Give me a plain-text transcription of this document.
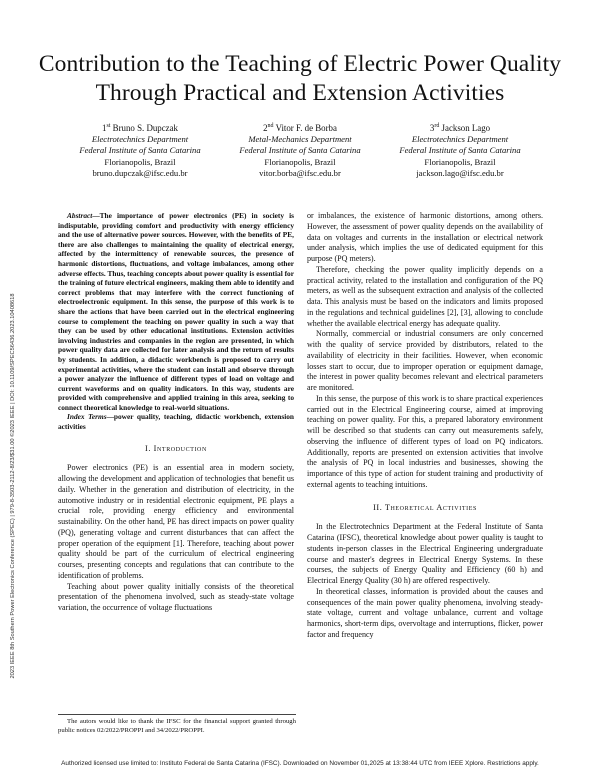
2023 IEEE 8th Southern Power Electronics Conference (SPEC) | 979-8-3503-2112-8/23/$31.00 ©2023 IEEE | DOI: 10.1109/SPEC56436.2023.10408618
Contribution to the Teaching of Electric Power Quality Through Practical and Extension Activities
1st Bruno S. Dupczak
Electrotechnics Department
Federal Institute of Santa Catarina
Florianopolis, Brazil
bruno.dupczak@ifsc.edu.br
2nd Vitor F. de Borba
Metal-Mechanics Department
Federal Institute of Santa Catarina
Florianopolis, Brazil
vitor.borba@ifsc.edu.br
3rd Jackson Lago
Electrotechnics Department
Federal Institute of Santa Catarina
Florianopolis, Brazil
jackson.lago@ifsc.edu.br

Abstract—The importance of power electronics (PE) in society is indisputable, providing comfort and productivity with energy efficiency and the use of alternative power sources. However, with the benefits of PE, there are also challenges to maintaining the quality of electrical energy, affected by the intermittency of renewable sources, the presence of harmonic distortions, fluctuations, and voltage imbalances, among other adverse effects. Thus, teaching concepts about power quality is essential for the training of future electrical engineers, making them able to identify and correct problems that may interfere with the correct functioning of electroelectronic equipment. In this sense, the purpose of this work is to share the actions that have been carried out in the electrical engineering course to complement the teaching on power quality in such a way that they can be used by other educational institutions. Extension activities involving industries and companies in the region are presented, in which power quality data are collected for later analysis and the return of results by students. In addition, a didactic workbench is proposed to carry out experimental activities, where the student can install and observe through a power analyzer the influence of different types of load on voltage and current waveforms and on quality indicators. In this way, students are provided with comprehensive and applied training in this area, seeking to connect theoretical knowledge to real-world situations.

Index Terms—power quality, teaching, didactic workbench, extension activities

I. Introduction

Power electronics (PE) is an essential area in modern society, allowing the development and application of technologies that benefit us daily. Whether in the generation and distribution of electricity, in the automotive industry or in residential electronic equipment, PE plays a crucial role, providing energy efficiency and environmental sustainability. On the other hand, PE has direct impacts on power quality (PQ), generating voltage and current disturbances that can affect the proper operation of the equipment [1]. Therefore, teaching about power quality should be part of the curriculum of electrical engineering courses, presenting concepts and regulations that can contribute to the identification of problems.

Teaching about power quality initially consists of the theoretical presentation of the phenomena involved, such as steady-state voltage variation, the occurrence of voltage fluctuations

The autors would like to thank the IFSC for the financial support granted through public notices 02/2022/PROPPI and 34/2022/PROPPI.

or imbalances, the existence of harmonic distortions, among others. However, the assessment of power quality depends on the availability of data on voltages and currents in the installation or electrical network under analysis, which implies the use of dedicated equipment for this purpose (PQ meters).

Therefore, checking the power quality implicitly depends on a practical activity, related to the installation and configuration of the PQ meters, as well as the subsequent extraction and analysis of the collected data. This analysis must be based on the indicators and limits proposed in the regulations and technical guidelines [2], [3], allowing to conclude whether the available electrical energy has adequate quality.

Normally, commercial or industrial consumers are only concerned with the quality of service provided by distributors, related to the availability of electricity in their facilities. However, when economic losses start to occur, due to improper operation or equipment damage, the interest in power quality becomes relevant and electrical parameters are monitored.

In this sense, the purpose of this work is to share practical experiences carried out in the Electrical Engineering course, aimed at improving teaching on power quality. For this, a prepared laboratory environment will be described so that students can carry out measurements safely, observing the influence of different types of load on PQ indicators. Additionally, reports are presented on extension activities that involve the analysis of PQ in local industries and businesses, showing the importance of this type of action for student training and productivity of external agents to teaching intuitions.

II. Theoretical Activities

In the Electrotechnics Department at the Federal Institute of Santa Catarina (IFSC), theoretical knowledge about power quality is taught to students in-person classes in the Electrical Engineering undergraduate course and master's degrees in Electrical Energy Systems. In these courses, the subjects of Energy Quality and Efficiency (60 h) and Electrical Energy Quality (30 h) are offered respectively.

In theoretical classes, information is provided about the causes and consequences of the main power quality phenomena, involving steady-state voltage, current and voltage unbalance, current and voltage harmonics, short-term dips, overvoltage and interruptions, flicker, power factor and frequency

Authorized licensed use limited to: Instituto Federal de Santa Catarina (IFSC). Downloaded on November 01,2025 at 13:38:44 UTC from IEEE Xplore. Restrictions apply.
